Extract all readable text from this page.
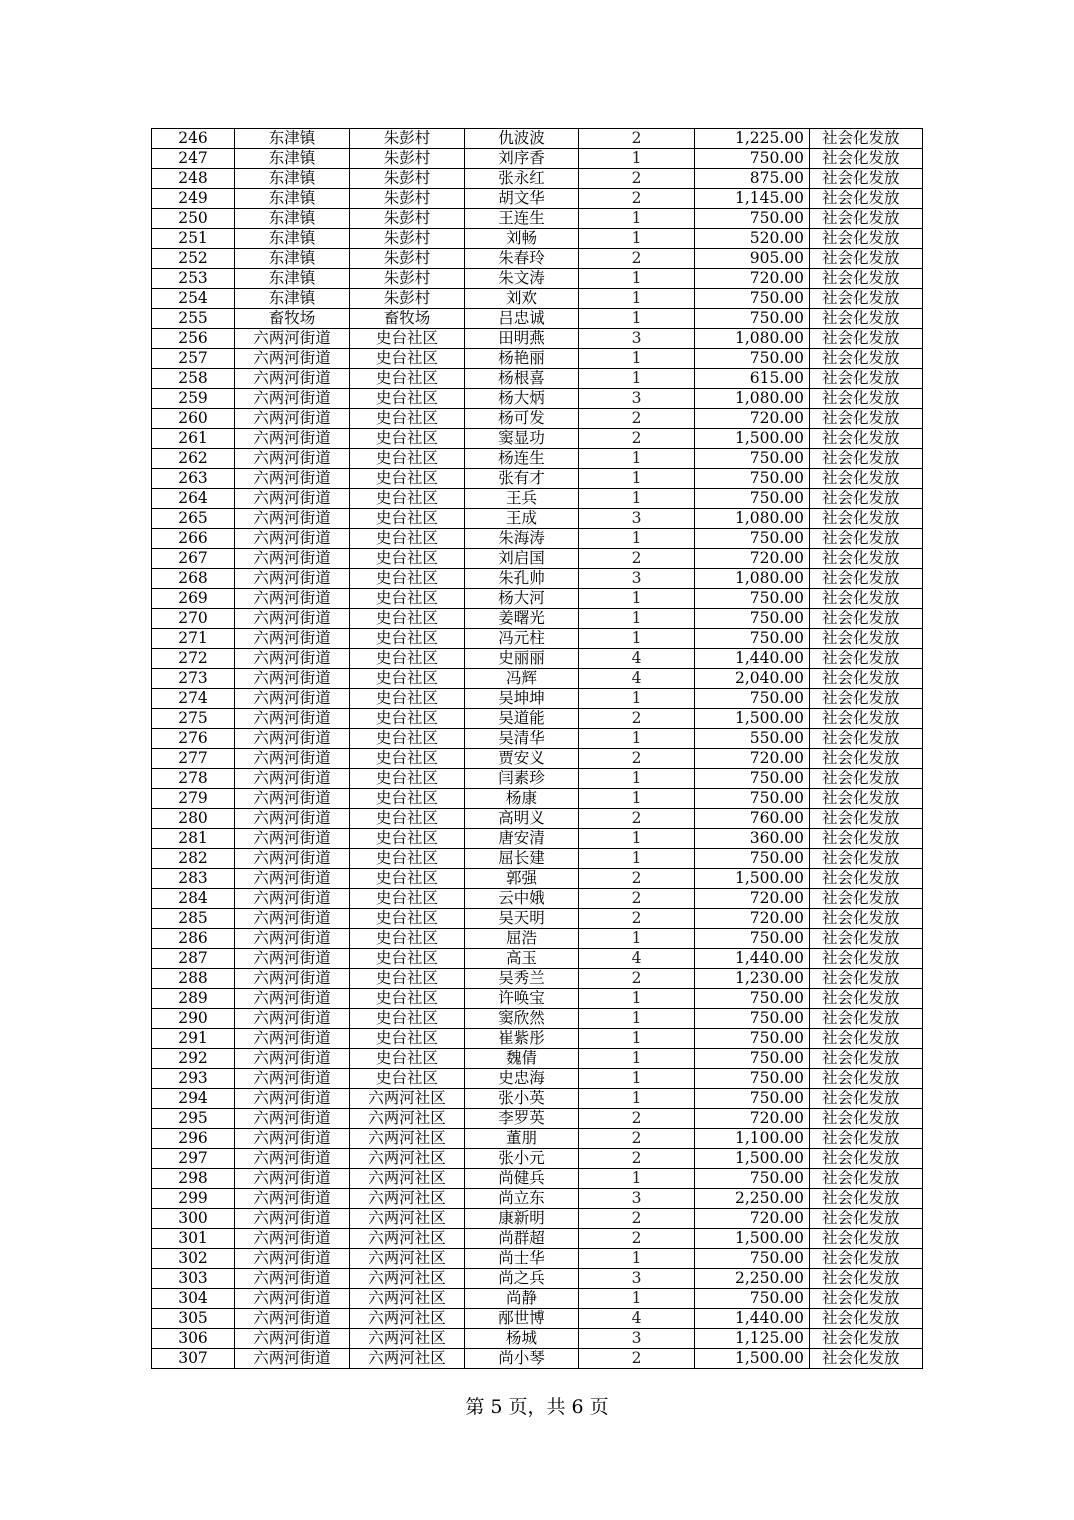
246	东津镇	朱彭村	仇波波	2	1,225.00	社会化发放
247	东津镇	朱彭村	刘序香	1	750.00	社会化发放
248	东津镇	朱彭村	张永红	2	875.00	社会化发放
249	东津镇	朱彭村	胡文华	2	1,145.00	社会化发放
250	东津镇	朱彭村	王连生	1	750.00	社会化发放
251	东津镇	朱彭村	刘畅	1	520.00	社会化发放
252	东津镇	朱彭村	朱春玲	2	905.00	社会化发放
253	东津镇	朱彭村	朱文涛	1	720.00	社会化发放
254	东津镇	朱彭村	刘欢	1	750.00	社会化发放
255	畜牧场	畜牧场	吕忠诚	1	750.00	社会化发放
256	六两河街道	史台社区	田明燕	3	1,080.00	社会化发放
257	六两河街道	史台社区	杨艳丽	1	750.00	社会化发放
258	六两河街道	史台社区	杨根喜	1	615.00	社会化发放
259	六两河街道	史台社区	杨大炳	3	1,080.00	社会化发放
260	六两河街道	史台社区	杨可发	2	720.00	社会化发放
261	六两河街道	史台社区	窦显功	2	1,500.00	社会化发放
262	六两河街道	史台社区	杨连生	1	750.00	社会化发放
263	六两河街道	史台社区	张有才	1	750.00	社会化发放
264	六两河街道	史台社区	王兵	1	750.00	社会化发放
265	六两河街道	史台社区	王成	3	1,080.00	社会化发放
266	六两河街道	史台社区	朱海涛	1	750.00	社会化发放
267	六两河街道	史台社区	刘启国	2	720.00	社会化发放
268	六两河街道	史台社区	朱孔帅	3	1,080.00	社会化发放
269	六两河街道	史台社区	杨大河	1	750.00	社会化发放
270	六两河街道	史台社区	姜曙光	1	750.00	社会化发放
271	六两河街道	史台社区	冯元柱	1	750.00	社会化发放
272	六两河街道	史台社区	史丽丽	4	1,440.00	社会化发放
273	六两河街道	史台社区	冯辉	4	2,040.00	社会化发放
274	六两河街道	史台社区	吴坤坤	1	750.00	社会化发放
275	六两河街道	史台社区	吴道能	2	1,500.00	社会化发放
276	六两河街道	史台社区	吴清华	1	550.00	社会化发放
277	六两河街道	史台社区	贾安义	2	720.00	社会化发放
278	六两河街道	史台社区	闫素珍	1	750.00	社会化发放
279	六两河街道	史台社区	杨康	1	750.00	社会化发放
280	六两河街道	史台社区	高明义	2	760.00	社会化发放
281	六两河街道	史台社区	唐安清	1	360.00	社会化发放
282	六两河街道	史台社区	屈长建	1	750.00	社会化发放
283	六两河街道	史台社区	郭强	2	1,500.00	社会化发放
284	六两河街道	史台社区	云中娥	2	720.00	社会化发放
285	六两河街道	史台社区	吴天明	2	720.00	社会化发放
286	六两河街道	史台社区	屈浩	1	750.00	社会化发放
287	六两河街道	史台社区	高玉	4	1,440.00	社会化发放
288	六两河街道	史台社区	吴秀兰	2	1,230.00	社会化发放
289	六两河街道	史台社区	许唤宝	1	750.00	社会化发放
290	六两河街道	史台社区	窦欣然	1	750.00	社会化发放
291	六两河街道	史台社区	崔紫彤	1	750.00	社会化发放
292	六两河街道	史台社区	魏倩	1	750.00	社会化发放
293	六两河街道	史台社区	史忠海	1	750.00	社会化发放
294	六两河街道	六两河社区	张小英	1	750.00	社会化发放
295	六两河街道	六两河社区	李罗英	2	720.00	社会化发放
296	六两河街道	六两河社区	董朋	2	1,100.00	社会化发放
297	六两河街道	六两河社区	张小元	2	1,500.00	社会化发放
298	六两河街道	六两河社区	尚健兵	1	750.00	社会化发放
299	六两河街道	六两河社区	尚立东	3	2,250.00	社会化发放
300	六两河街道	六两河社区	康新明	2	720.00	社会化发放
301	六两河街道	六两河社区	尚群超	2	1,500.00	社会化发放
302	六两河街道	六两河社区	尚士华	1	750.00	社会化发放
303	六两河街道	六两河社区	尚之兵	3	2,250.00	社会化发放
304	六两河街道	六两河社区	尚静	1	750.00	社会化发放
305	六两河街道	六两河社区	邴世博	4	1,440.00	社会化发放
306	六两河街道	六两河社区	杨城	3	1,125.00	社会化发放
307	六两河街道	六两河社区	尚小琴	2	1,500.00	社会化发放
第 5 页，共 6 页
